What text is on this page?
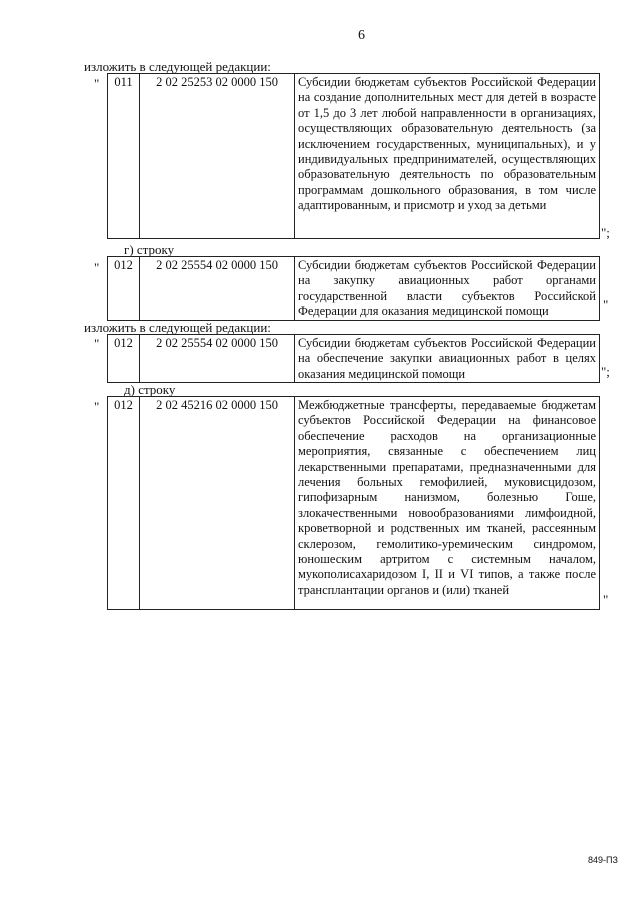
6
изложить в следующей редакции:
" 011	2 02 25253 02 0000 150	Субсидии бюджетам субъектов Российской Федерации на создание дополнительных мест для детей в возрасте от 1,5 до 3 лет любой направленности в организациях, осуществляющих образовательную деятельность (за исключением государственных, муниципальных), и у индивидуальных предпринимателей, осуществляющих образовательную деятельность по образовательным программам дошкольного образования, в том числе адаптированным, и присмотр и уход за детьми
";
г) строку
" 012	2 02 25554 02 0000 150	Субсидии бюджетам субъектов Российской Федерации на закупку авиационных работ органами государственной власти субъектов Российской Федерации для оказания медицинской помощи	"
изложить в следующей редакции:
" 012	2 02 25554 02 0000 150	Субсидии бюджетам субъектов Российской Федерации на обеспечение закупки авиационных работ в целях оказания медицинской помощи	";
д) строку
" 012	2 02 45216 02 0000 150	Межбюджетные трансферты, передаваемые бюджетам субъектов Российской Федерации на финансовое обеспечение расходов на организационные мероприятия, связанные с обеспечением лиц лекарственными препаратами, предназначенными для лечения больных гемофилией, муковисцидозом, гипофизарным нанизмом, болезнью Гоше, злокачественными новообразованиями лимфоидной, кроветворной и родственных им тканей, рассеянным склерозом, гемолитико-уремическим синдромом, юношеским артритом с системным началом, мукополисахаридозом I, II и VI типов, а также после трансплантации органов и (или) тканей
"
849-ПЗ
